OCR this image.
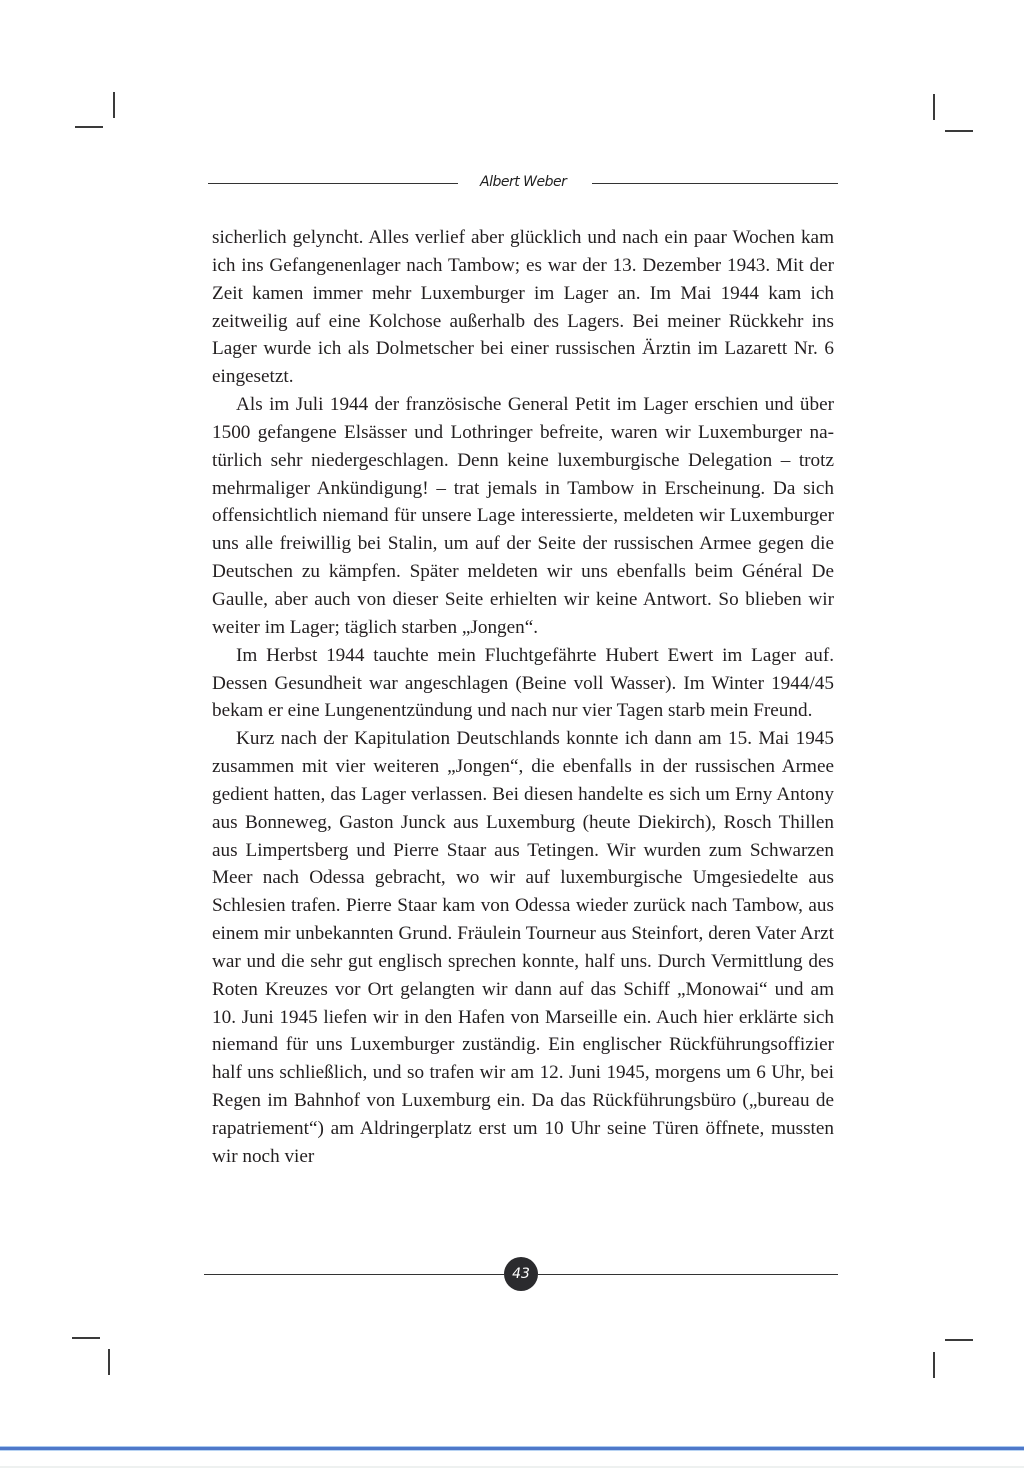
Albert Weber

sicherlich gelyncht. Alles verlief aber glücklich und nach ein paar Wochen kam ich ins Gefangenenlager nach Tambow; es war der 13. Dezember 1943. Mit der Zeit kamen immer mehr Luxemburger im Lager an. Im Mai 1944 kam ich zeitweilig auf eine Kolchose außerhalb des Lagers. Bei meiner Rückkehr ins Lager wurde ich als Dolmetscher bei einer russischen Ärztin im Lazarett Nr. 6 eingesetzt.

Als im Juli 1944 der französische General Petit im Lager erschien und über 1500 gefangene Elsässer und Lothringer befreite, waren wir Luxemburger natürlich sehr niedergeschlagen. Denn keine luxemburgische Delegation – trotz mehrmaliger Ankündigung! – trat jemals in Tambow in Erscheinung. Da sich offensichtlich niemand für unsere Lage interessierte, meldeten wir Luxemburger uns alle freiwillig bei Stalin, um auf der Seite der russischen Armee gegen die Deutschen zu kämpfen. Später meldeten wir uns ebenfalls beim Général De Gaulle, aber auch von dieser Seite erhielten wir keine Antwort. So blieben wir weiter im Lager; täglich starben „Jongen“.

Im Herbst 1944 tauchte mein Fluchtgefährte Hubert Ewert im Lager auf. Dessen Gesundheit war angeschlagen (Beine voll Wasser). Im Winter 1944/45 bekam er eine Lungenentzündung und nach nur vier Tagen starb mein Freund.

Kurz nach der Kapitulation Deutschlands konnte ich dann am 15. Mai 1945 zusammen mit vier weiteren „Jongen“, die ebenfalls in der russischen Armee gedient hatten, das Lager verlassen. Bei diesen handelte es sich um Erny Antony aus Bonneweg, Gaston Junck aus Luxemburg (heute Diekirch), Rosch Thillen aus Limpertsberg und Pierre Staar aus Tetingen. Wir wurden zum Schwarzen Meer nach Odessa gebracht, wo wir auf luxemburgische Umgesiedelte aus Schlesien trafen. Pierre Staar kam von Odessa wieder zurück nach Tambow, aus einem mir unbekannten Grund. Fräulein Tourneur aus Steinfort, deren Vater Arzt war und die sehr gut englisch sprechen konnte, half uns. Durch Vermittlung des Roten Kreuzes vor Ort gelangten wir dann auf das Schiff „Monowai“ und am 10. Juni 1945 liefen wir in den Hafen von Marseille ein. Auch hier erklärte sich niemand für uns Luxemburger zuständig. Ein englischer Rückführungsoffizier half uns schließlich, und so trafen wir am 12. Juni 1945, morgens um 6 Uhr, bei Regen im Bahnhof von Luxemburg ein. Da das Rückführungsbüro („bureau de rapatriement“) am Aldringerplatz erst um 10 Uhr seine Türen öffnete, mussten wir noch vier

43
